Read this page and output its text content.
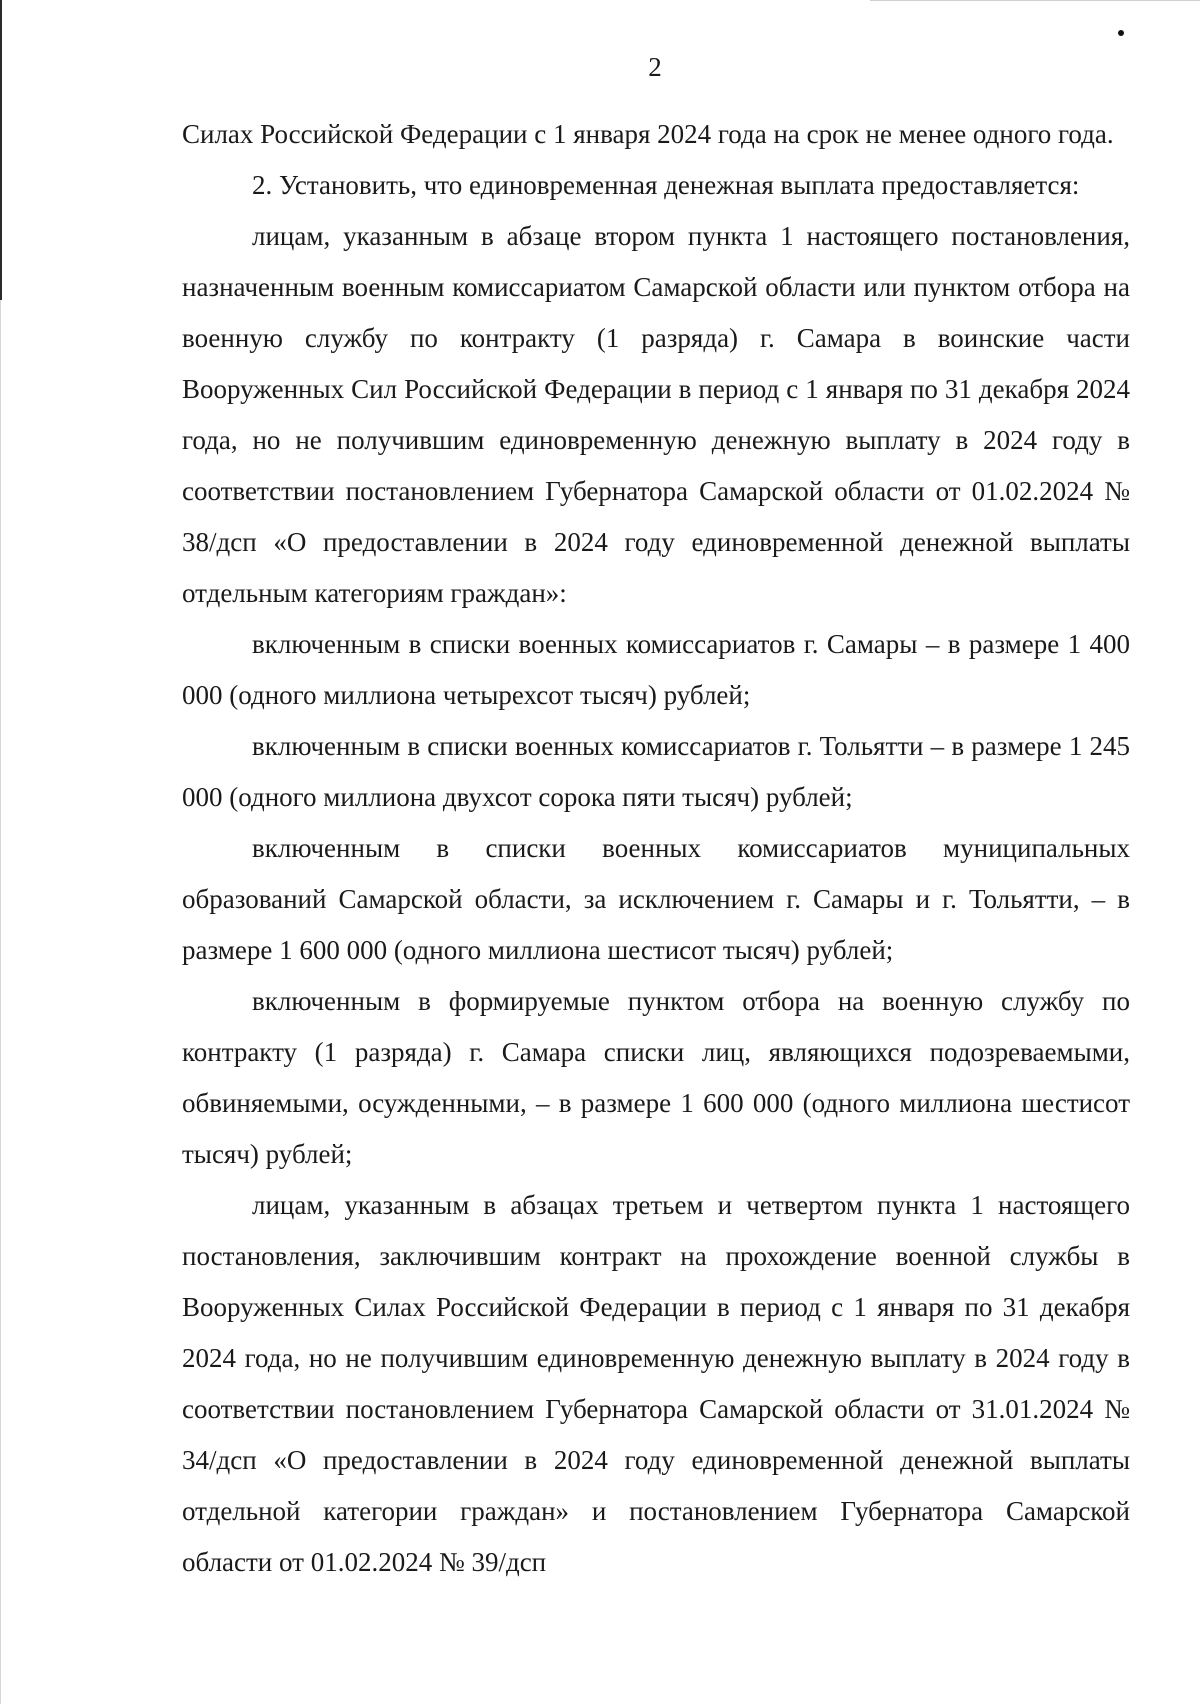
2

Силах Российской Федерации с 1 января 2024 года на срок не менее одного года.

2. Установить, что единовременная денежная выплата предоставляется:

лицам, указанным в абзаце втором пункта 1 настоящего постановления, назначенным военным комиссариатом Самарской области или пунктом отбора на военную службу по контракту (1 разряда) г. Самара в воинские части Вооруженных Сил Российской Федерации в период с 1 января по 31 декабря 2024 года, но не получившим единовременную денежную выплату в 2024 году в соответствии постановлением Губернатора Самарской области от 01.02.2024 № 38/дсп «О предоставлении в 2024 году единовременной денежной выплаты отдельным категориям граждан»:

включенным в списки военных комиссариатов г. Самары – в размере 1 400 000 (одного миллиона четырехсот тысяч) рублей;

включенным в списки военных комиссариатов г. Тольятти – в размере 1 245 000 (одного миллиона двухсот сорока пяти тысяч) рублей;

включенным в списки военных комиссариатов муниципальных образований Самарской области, за исключением г. Самары и г. Тольятти, – в размере 1 600 000 (одного миллиона шестисот тысяч) рублей;

включенным в формируемые пунктом отбора на военную службу по контракту (1 разряда) г. Самара списки лиц, являющихся подозреваемыми, обвиняемыми, осужденными, – в размере 1 600 000 (одного миллиона шестисот тысяч) рублей;

лицам, указанным в абзацах третьем и четвертом пункта 1 настоящего постановления, заключившим контракт на прохождение военной службы в Вооруженных Силах Российской Федерации в период с 1 января по 31 декабря 2024 года, но не получившим единовременную денежную выплату в 2024 году в соответствии постановлением Губернатора Самарской области от 31.01.2024 № 34/дсп «О предоставлении в 2024 году единовременной денежной выплаты отдельной категории граждан» и постановлением Губернатора Самарской области от 01.02.2024 № 39/дсп
